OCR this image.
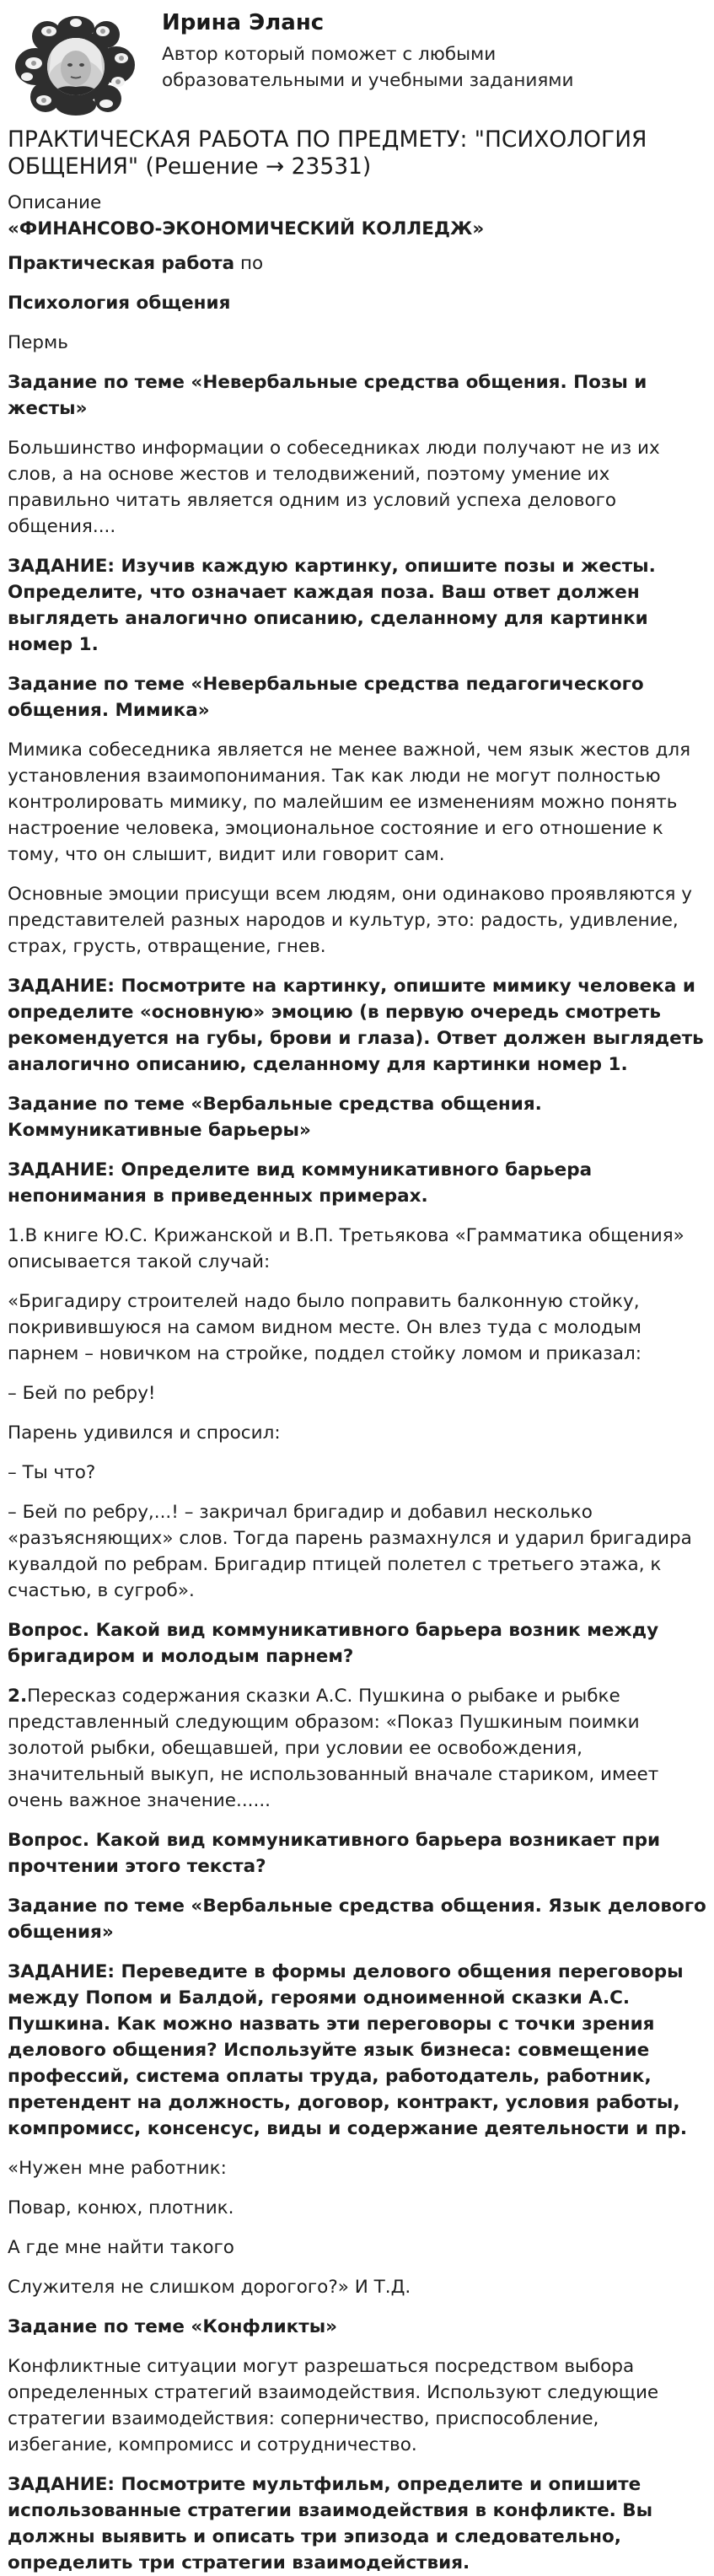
Ирина Эланс
Автор который поможет с любыми образовательными и учебными заданиями
ПРАКТИЧЕСКАЯ РАБОТА ПО ПРЕДМЕТУ: "ПСИХОЛОГИЯ ОБЩЕНИЯ" (Решение → 23531)
Описание

«ФИНАНСОВО-ЭКОНОМИЧЕСКИЙ КОЛЛЕДЖ»

Практическая работа по

Психология общения

Пермь

Задание по теме «Невербальные средства общения. Позы и жесты»

Большинство информации о собеседниках люди получают не из их слов, а на основе жестов и телодвижений, поэтому умение их правильно читать является одним из условий успеха делового общения....

ЗАДАНИЕ: Изучив каждую картинку, опишите позы и жесты. Определите, что означает каждая поза. Ваш ответ должен выглядеть аналогично описанию, сделанному для картинки номер 1.

Задание по теме «Невербальные средства педагогического общения. Мимика»

Мимика собеседника является не менее важной, чем язык жестов для установления взаимопонимания. Так как люди не могут полностью контролировать мимику, по малейшим ее изменениям можно понять настроение человека, эмоциональное состояние и его отношение к тому, что он слышит, видит или говорит сам.

Основные эмоции присущи всем людям, они одинаково проявляются у представителей разных народов и культур, это: радость, удивление, страх, грусть, отвращение, гнев.

ЗАДАНИЕ: Посмотрите на картинку, опишите мимику человека и определите «основную» эмоцию (в первую очередь смотреть рекомендуется на губы, брови и глаза). Ответ должен выглядеть аналогично описанию, сделанному для картинки номер 1.

Задание по теме «Вербальные средства общения. Коммуникативные барьеры»

ЗАДАНИЕ: Определите вид коммуникативного барьера непонимания в приведенных примерах.

1.В книге Ю.С. Крижанской и В.П. Третьякова «Грамматика общения» описывается такой случай:

«Бригадиру строителей надо было поправить балконную стойку, покривившуюся на самом видном месте. Он влез туда с молодым парнем – новичком на стройке, поддел стойку ломом и приказал:

– Бей по ребру!

Парень удивился и спросил:

– Ты что?

– Бей по ребру,...! – закричал бригадир и добавил несколько «разъясняющих» слов. Тогда парень размахнулся и ударил бригадира кувалдой по ребрам. Бригадир птицей полетел с третьего этажа, к счастью, в сугроб».

Вопрос. Какой вид коммуникативного барьера возник между бригадиром и молодым парнем?

2.Пересказ содержания сказки А.С. Пушкина о рыбаке и рыбке представленный следующим образом: «Показ Пушкиным поимки золотой рыбки, обещавшей, при условии ее освобождения, значительный выкуп, не использованный вначале стариком, имеет очень важное значение......

Вопрос. Какой вид коммуникативного барьера возникает при прочтении этого текста?

Задание по теме «Вербальные средства общения. Язык делового общения»

ЗАДАНИЕ: Переведите в формы делового общения переговоры между Попом и Балдой, героями одноименной сказки А.С. Пушкина. Как можно назвать эти переговоры с точки зрения делового общения? Используйте язык бизнеса: совмещение профессий, система оплаты труда, работодатель, работник, претендент на должность, договор, контракт, условия работы, компромисс, консенсус, виды и содержание деятельности и пр.

«Нужен мне работник:

Повар, конюх, плотник.

А где мне найти такого

Служителя не слишком дорогого?» И Т.Д.

Задание по теме «Конфликты»

Конфликтные ситуации могут разрешаться посредством выбора определенных стратегий взаимодействия. Используют следующие стратегии взаимодействия: соперничество, приспособление, избегание, компромисс и сотрудничество.

ЗАДАНИЕ: Посмотрите мультфильм, определите и опишите использованные стратегии взаимодействия в конфликте. Вы должны выявить и описать три эпизода и следовательно, определить три стратегии взаимодействия.
